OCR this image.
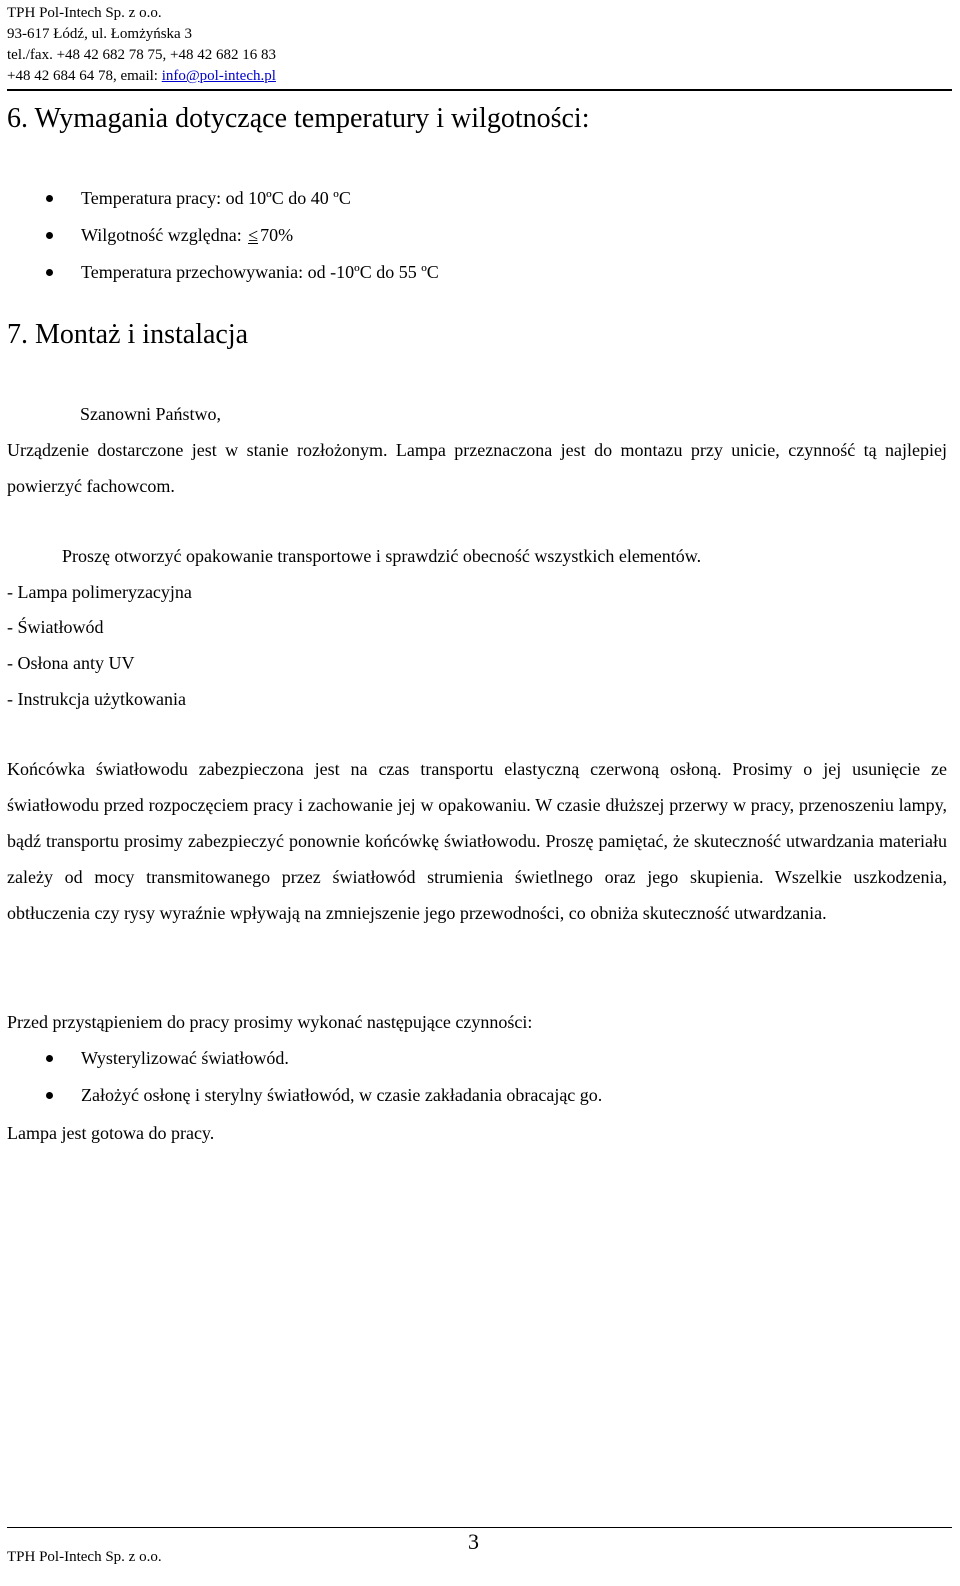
TPH Pol-Intech Sp. z o.o.
93-617 Łódź, ul. Łomżyńska 3
tel./fax. +48 42 682 78 75, +48 42 682 16 83
+48 42 684 64 78, email: info@pol-intech.pl
6. Wymagania dotyczące temperatury i wilgotności:
Temperatura pracy: od 10ºC do 40 ºC
Wilgotność względna: ≤ 70%
Temperatura przechowywania: od -10ºC do 55 ºC
7. Montaż i instalacja
Szanowni Państwo,
Urządzenie dostarczone jest w stanie rozłożonym. Lampa przeznaczona jest do montazu przy unicie, czynność tą najlepiej powierzyć fachowcom.
Proszę otworzyć opakowanie transportowe i sprawdzić obecność wszystkich elementów.
- Lampa polimeryzacyjna
- Światłowód
- Osłona anty UV
- Instrukcja użytkowania
Końcówka światłowodu zabezpieczona jest na czas transportu elastyczną czerwoną osłoną. Prosimy o jej usunięcie ze światłowodu przed rozpoczęciem pracy i zachowanie jej w opakowaniu. W czasie dłuższej przerwy w pracy, przenoszeniu lampy, bądź transportu prosimy zabezpieczyć ponownie końcówkę światłowodu. Proszę pamiętać, że skuteczność utwardzania materiału zależy od mocy transmitowanego przez światłowód strumienia świetlnego oraz jego skupienia. Wszelkie uszkodzenia, obtłuczenia czy rysy wyraźnie wpływają na zmniejszenie jego przewodności, co obniża skuteczność utwardzania.
Przed przystąpieniem do pracy prosimy wykonać następujące czynności:
Wysterylizować światłowód.
Założyć osłonę i sterylny światłowód, w czasie zakładania obracając go.
Lampa jest gotowa do pracy.
3
TPH Pol-Intech Sp. z o.o.
